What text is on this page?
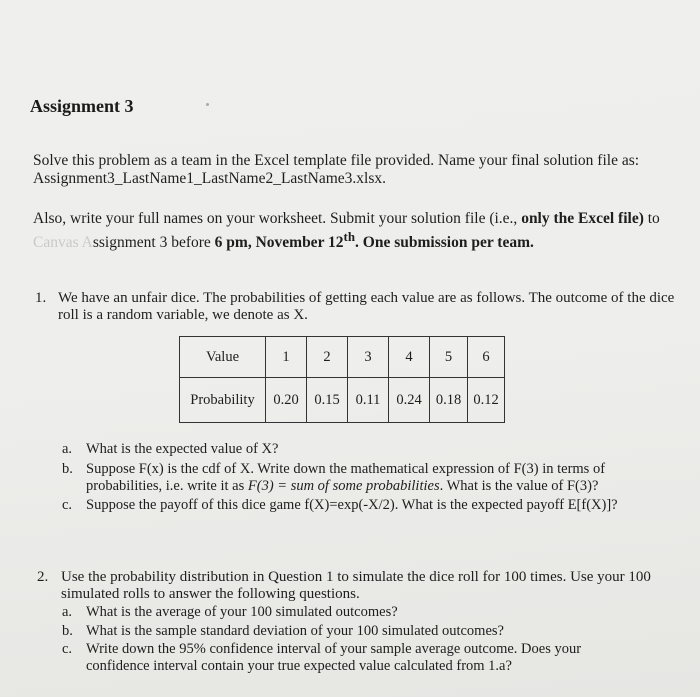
Assignment 3
Solve this problem as a team in the Excel template file provided. Name your final solution file as: Assignment3_LastName1_LastName2_LastName3.xlsx.
Also, write your full names on your worksheet. Submit your solution file (i.e., only the Excel file) to Canvas Assignment 3 before 6 pm, November 12th. One submission per team.
1. We have an unfair dice. The probabilities of getting each value are as follows. The outcome of the dice roll is a random variable, we denote as X.
Value	1	2	3	4	5	6
Probability	0.20	0.15	0.11	0.24	0.18	0.12
a. What is the expected value of X?
b. Suppose F(x) is the cdf of X. Write down the mathematical expression of F(3) in terms of probabilities, i.e. write it as F(3) = sum of some probabilities. What is the value of F(3)?
c. Suppose the payoff of this dice game f(X)=exp(-X/2). What is the expected payoff E[f(X)]?
2. Use the probability distribution in Question 1 to simulate the dice roll for 100 times. Use your 100 simulated rolls to answer the following questions.
a. What is the average of your 100 simulated outcomes?
b. What is the sample standard deviation of your 100 simulated outcomes?
c. Write down the 95% confidence interval of your sample average outcome. Does your confidence interval contain your true expected value calculated from 1.a?
